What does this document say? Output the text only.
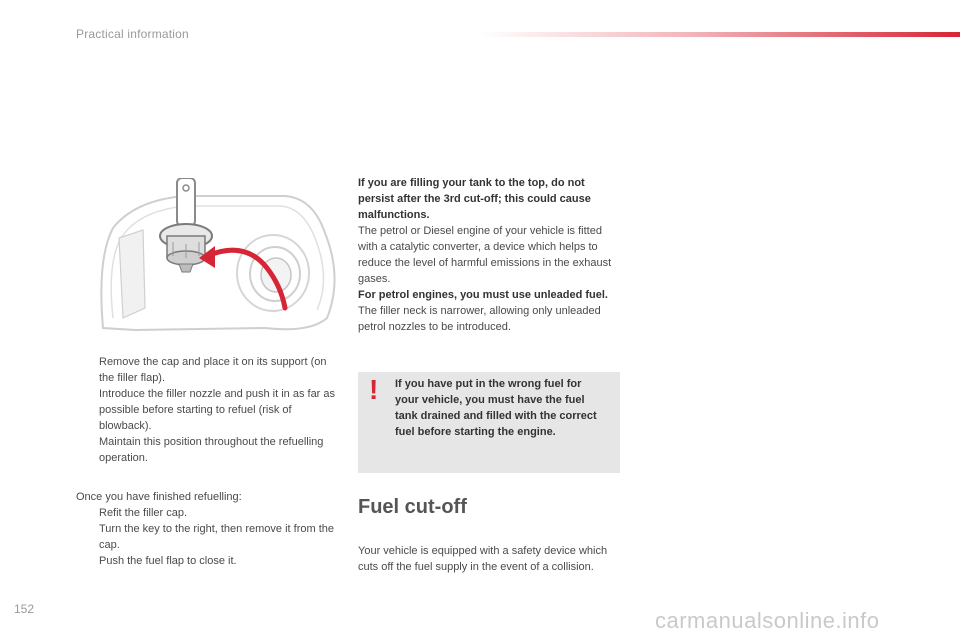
Practical information
Remove the cap and place it on its support (on the filler flap).
Introduce the filler nozzle and push it in as far as possible before starting to refuel (risk of blowback).
Maintain this position throughout the refuelling operation.
Once you have finished refuelling:
Refit the filler cap.
Turn the key to the right, then remove it from the cap.
Push the fuel flap to close it.
If you are filling your tank to the top, do not persist after the 3rd cut-off; this could cause malfunctions.
The petrol or Diesel engine of your vehicle is fitted with a catalytic converter, a device which helps to reduce the level of harmful emissions in the exhaust gases.
For petrol engines, you must use unleaded fuel.
The filler neck is narrower, allowing only unleaded petrol nozzles to be introduced.
! If you have put in the wrong fuel for your vehicle, you must have the fuel tank drained and filled with the correct fuel before starting the engine.
Fuel cut-off
Your vehicle is equipped with a safety device which cuts off the fuel supply in the event of a collision.
152	carmanualsonline.info
